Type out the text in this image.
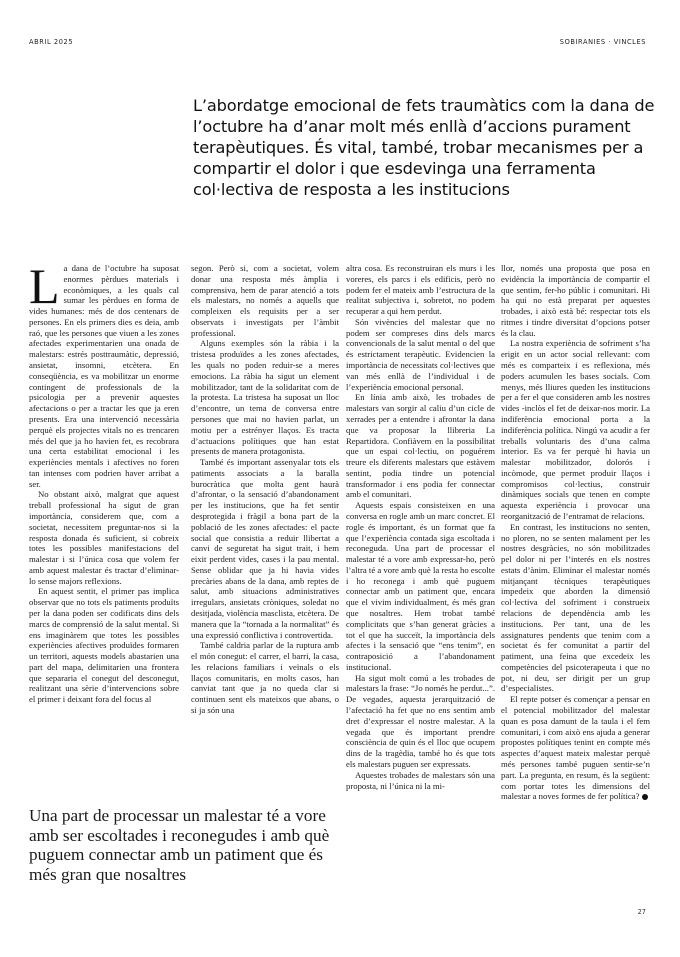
ABRIL 2025	SOBIRANIES · VINCLES

L’abordatge emocional de fets traumàtics com la dana de l’octubre ha d’anar molt més enllà d’accions purament terapèutiques. És vital, també, trobar mecanismes per a compartir el dolor i que esdevinga una ferramenta col·lectiva de resposta a les institucions

L a dana de l’octubre ha suposat enormes pèrdues materials i econòmiques, a les quals cal sumar les pèrdues en forma de vides humanes: més de dos centenars de persones. En els primers dies es deia, amb raó, que les persones que viuen a les zones afectades experimentarien una onada de malestars: estrés posttraumàtic, depressió, ansietat, insomni, etcètera. En conseqüència, es va mobilitzar un enorme contingent de professionals de la psicologia per a prevenir aquestes afectacions o per a tractar les que ja eren presents. Era una intervenció necessària perquè els projectes vitals no es trencaren més del que ja ho havien fet, es recobrara una certa estabilitat emocional i les experiències mentals i afectives no foren tan intenses com podrien haver arribat a ser.

No obstant això, malgrat que aquest treball professional ha sigut de gran importància, considerem que, com a societat, necessitem preguntar-nos si la resposta donada és suficient, si cobreix totes les possibles manifestacions del malestar i si l’única cosa que volem fer amb aquest malestar és tractar d’eliminar-lo sense majors reflexions.

En aquest sentit, el primer pas implica observar que no tots els patiments produïts per la dana poden ser codificats dins dels marcs de comprensió de la salut mental. Si ens imaginàrem que totes les possibles experiències afectives produïdes formaren un territori, aquests models abastarien una part del mapa, delimitarien una frontera que separaria el conegut del desconegut, realitzant una sèrie d’intervencions sobre el primer i deixant fora del focus al

segon. Però si, com a societat, volem donar una resposta més àmplia i comprensiva, hem de parar atenció a tots els malestars, no només a aquells que compleixen els requisits per a ser observats i investigats per l’àmbit professional.

Alguns exemples són la ràbia i la tristesa produïdes a les zones afectades, les quals no poden reduir-se a meres emocions. La ràbia ha sigut un element mobilitzador, tant de la solidaritat com de la protesta. La tristesa ha suposat un lloc d’encontre, un tema de conversa entre persones que mai no havien parlat, un motiu per a estrényer llaços. Es tracta d’actuacions polítiques que han estat presents de manera protagonista.

També és important assenyalar tots els patiments associats a la baralla burocràtica que molta gent haurà d’afrontar, o la sensació d’abandonament per les institucions, que ha fet sentir desprotegida i fràgil a bona part de la població de les zones afectades: el pacte social que consistia a reduir llibertat a canvi de seguretat ha sigut trait, i hem eixit perdent vides, cases i la pau mental. Sense oblidar que ja hi havia vides precàries abans de la dana, amb reptes de salut, amb situacions administratives irregulars, ansietats cròniques, soledat no desitjada, violència masclista, etcètera. De manera que la “tornada a la normalitat” és una expressió conflictiva i controvertida.

També caldria parlar de la ruptura amb el món conegut: el carrer, el barri, la casa, les relacions familiars i veïnals o els llaços comunitaris, en molts casos, han canviat tant que ja no queda clar si continuen sent els mateixos que abans, o si ja són una

altra cosa. Es reconstruiran els murs i les voreres, els parcs i els edificis, però no podem fer el mateix amb l’estructura de la realitat subjectiva i, sobretot, no podem recuperar a qui hem perdut.

Són vivències del malestar que no podem ser compreses dins dels marcs convencionals de la salut mental o del que és estrictament terapèutic. Evidencien la importància de necessitats col·lectives que van més enllà de l’individual i de l’experiència emocional personal.

En línia amb això, les trobades de malestars van sorgir al caliu d’un cicle de xerrades per a entendre i afrontar la dana que va proposar la llibreria La Repartidora. Confiàvem en la possibilitat que un espai col·lectiu, on poguérem treure els diferents malestars que estàvem sentint, podia tindre un potencial transformador i ens podia fer connectar amb el comunitari.

Aquests espais consisteixen en una conversa en rogle amb un marc concret. El rogle és important, és un format que fa que l’experiència contada siga escoltada i reconeguda. Una part de processar el malestar té a vore amb expressar-ho, però l’altra té a vore amb què la resta ho escolte i ho reconega i amb què puguem connectar amb un patiment que, encara que el vivim individualment, és més gran que nosaltres. Hem trobat també complicitats que s’han generat gràcies a tot el que ha succeït, la importància dels afectes i la sensació que “ens tenim”, en contraposició a l’abandonament institucional.

Ha sigut molt comú a les trobades de malestars la frase: “Jo només he perdut...”. De vegades, aquesta jerarquització de l’afectació ha fet que no ens sentim amb dret d’expressar el nostre malestar. A la vegada que és important prendre consciència de quin és el lloc que ocupem dins de la tragèdia, també ho és que tots els malestars puguen ser expressats.

Aquestes trobades de malestars són una proposta, ni l’única ni la mi-

llor, només una proposta que posa en evidència la importància de compartir el que sentim, fer-ho públic i comunitari. Hi ha qui no està preparat per aquestes trobades, i això està bé: respectar tots els ritmes i tindre diversitat d’opcions potser és la clau.

La nostra experiència de sofriment s’ha erigit en un actor social rellevant: com més es comparteix i es reflexiona, més poders acumulen les bases socials. Com menys, més lliures queden les institucions per a fer el que consideren amb les nostres vides -inclòs el fet de deixar-nos morir. La indiferència emocional porta a la indiferència política. Ningú va acudir a fer treballs voluntaris des d’una calma interior. Es va fer perquè hi havia un malestar mobilitzador, dolorós i incòmode, que permet produir llaços i compromisos col·lectius, construir dinàmiques socials que tenen en compte aquesta experiència i provocar una reorganització de l’entramat de relacions.

En contrast, les institucions no senten, no ploren, no se senten malament per les nostres desgràcies, no són mobilitzades pel dolor ni per l’interés en els nostres estats d’ànim. Eliminar el malestar només mitjançant tècniques terapèutiques impedeix que aborden la dimensió col·lectiva del sofriment i construeix relacions de dependència amb les institucions. Per tant, una de les assignatures pendents que tenim com a societat és fer comunitat a partir del patiment, una feina que excedeix les competències del psicoterapeuta i que no pot, ni deu, ser dirigit per un grup d’especialistes.

El repte potser és començar a pensar en el potencial mobilitzador del malestar quan es posa damunt de la taula i el fem comunitari, i com això ens ajuda a generar propostes polítiques tenint en compte més aspectes d’aquest mateix malestar perquè més persones també puguen sentir-se’n part. La pregunta, en resum, és la següent: com portar totes les dimensions del malestar a noves formes de fer política?

Una part de processar un malestar té a vore amb ser escoltades i reconegudes i amb què puguem connectar amb un patiment que és més gran que nosaltres

27
